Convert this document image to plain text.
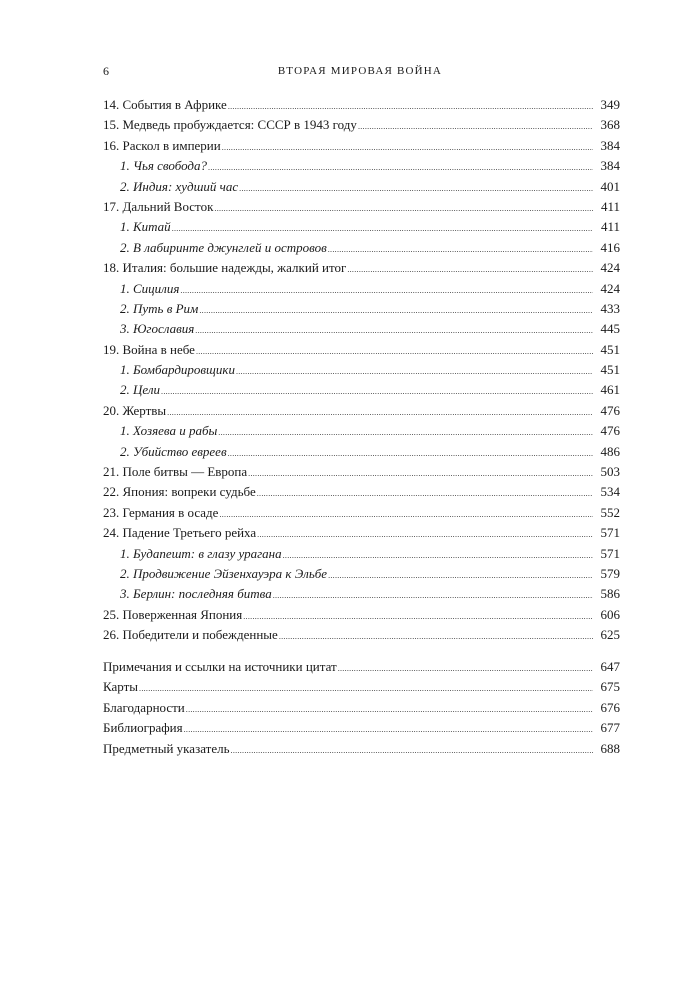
6	ВТОРАЯ МИРОВАЯ ВОЙНА
14. События в Африке .....	349
15. Медведь пробуждается: СССР в 1943 году .....	368
16. Раскол в империи .....	384
1. Чья свобода? .....	384
2. Индия: худший час .....	401
17. Дальний Восток .....	411
1. Китай .....	411
2. В лабиринте джунглей и островов .....	416
18. Италия: большие надежды, жалкий итог .....	424
1. Сицилия .....	424
2. Путь в Рим .....	433
3. Югославия .....	445
19. Война в небе .....	451
1. Бомбардировщики .....	451
2. Цели .....	461
20. Жертвы .....	476
1. Хозяева и рабы .....	476
2. Убийство евреев .....	486
21. Поле битвы — Европа .....	503
22. Япония: вопреки судьбе .....	534
23. Германия в осаде .....	552
24. Падение Третьего рейха .....	571
1. Будапешт: в глазу урагана .....	571
2. Продвижение Эйзенхауэра к Эльбе .....	579
3. Берлин: последняя битва .....	586
25. Поверженная Япония .....	606
26. Победители и побежденные .....	625
Примечания и ссылки на источники цитат .....	647
Карты .....	675
Благодарности .....	676
Библиография .....	677
Предметный указатель .....	688
